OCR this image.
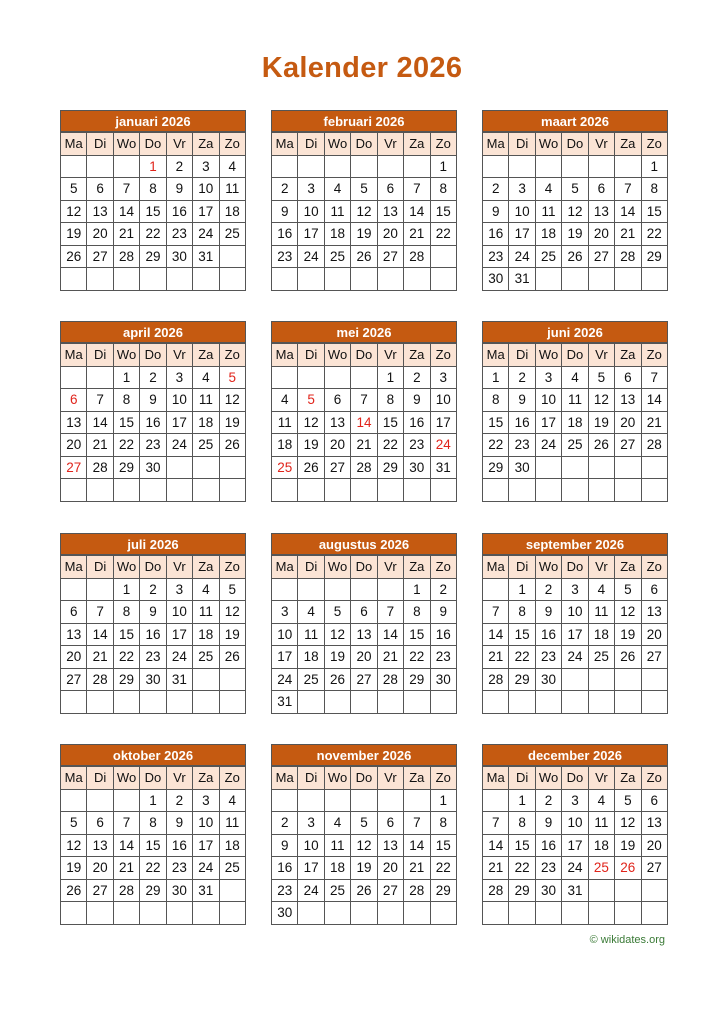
Kalender 2026
januari 2026
Ma	Di	Wo	Do	Vr	Za	Zo
			1	2	3	4
5	6	7	8	9	10	11
12	13	14	15	16	17	18
19	20	21	22	23	24	25
26	27	28	29	30	31	

februari 2026
Ma	Di	Wo	Do	Vr	Za	Zo
						1
2	3	4	5	6	7	8
9	10	11	12	13	14	15
16	17	18	19	20	21	22
23	24	25	26	27	28	

maart 2026
Ma	Di	Wo	Do	Vr	Za	Zo
						1
2	3	4	5	6	7	8
9	10	11	12	13	14	15
16	17	18	19	20	21	22
23	24	25	26	27	28	29
30	31					
april 2026
Ma	Di	Wo	Do	Vr	Za	Zo
		1	2	3	4	5
6	7	8	9	10	11	12
13	14	15	16	17	18	19
20	21	22	23	24	25	26
27	28	29	30			

mei 2026
Ma	Di	Wo	Do	Vr	Za	Zo
				1	2	3
4	5	6	7	8	9	10
11	12	13	14	15	16	17
18	19	20	21	22	23	24
25	26	27	28	29	30	31

juni 2026
Ma	Di	Wo	Do	Vr	Za	Zo
1	2	3	4	5	6	7
8	9	10	11	12	13	14
15	16	17	18	19	20	21
22	23	24	25	26	27	28
29	30					

juli 2026
Ma	Di	Wo	Do	Vr	Za	Zo
		1	2	3	4	5
6	7	8	9	10	11	12
13	14	15	16	17	18	19
20	21	22	23	24	25	26
27	28	29	30	31		

augustus 2026
Ma	Di	Wo	Do	Vr	Za	Zo
					1	2
3	4	5	6	7	8	9
10	11	12	13	14	15	16
17	18	19	20	21	22	23
24	25	26	27	28	29	30
31						
september 2026
Ma	Di	Wo	Do	Vr	Za	Zo
	1	2	3	4	5	6
7	8	9	10	11	12	13
14	15	16	17	18	19	20
21	22	23	24	25	26	27
28	29	30				

oktober 2026
Ma	Di	Wo	Do	Vr	Za	Zo
			1	2	3	4
5	6	7	8	9	10	11
12	13	14	15	16	17	18
19	20	21	22	23	24	25
26	27	28	29	30	31	

november 2026
Ma	Di	Wo	Do	Vr	Za	Zo
						1
2	3	4	5	6	7	8
9	10	11	12	13	14	15
16	17	18	19	20	21	22
23	24	25	26	27	28	29
30						
december 2026
Ma	Di	Wo	Do	Vr	Za	Zo
	1	2	3	4	5	6
7	8	9	10	11	12	13
14	15	16	17	18	19	20
21	22	23	24	25	26	27
28	29	30	31			

© wikidates.org
